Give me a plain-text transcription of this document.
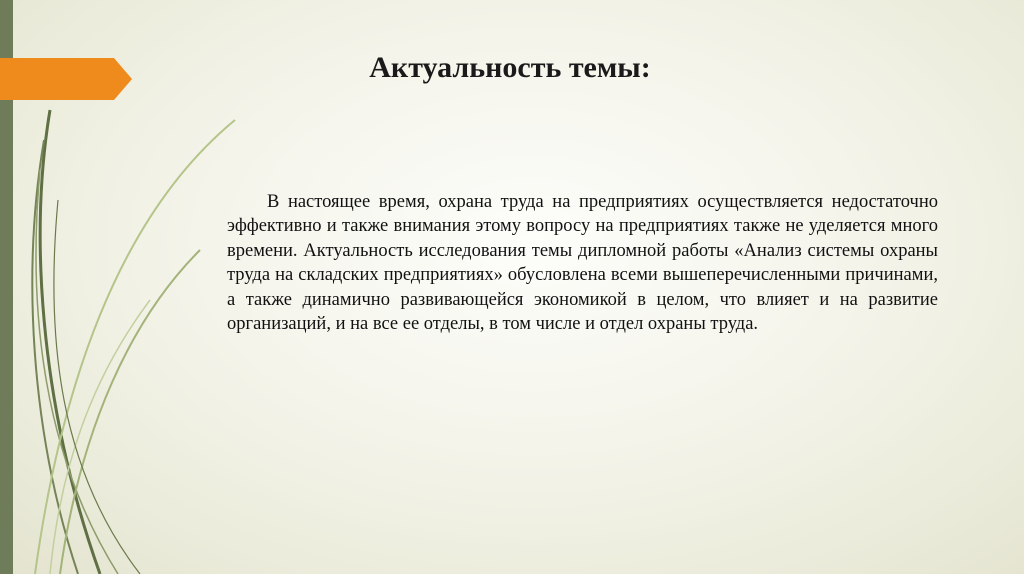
Актуальность темы:

В настоящее время, охрана труда на предприятиях осуществляется недостаточно эффективно и также внимания этому вопросу на предприятиях также не уделяется много времени. Актуальность исследования темы дипломной работы «Анализ системы охраны труда на складских предприятиях» обусловлена всеми вышеперечисленными причинами, а также динамично развивающейся экономикой в целом, что влияет и на развитие организаций, и на все ее отделы, в том числе и отдел охраны труда.
